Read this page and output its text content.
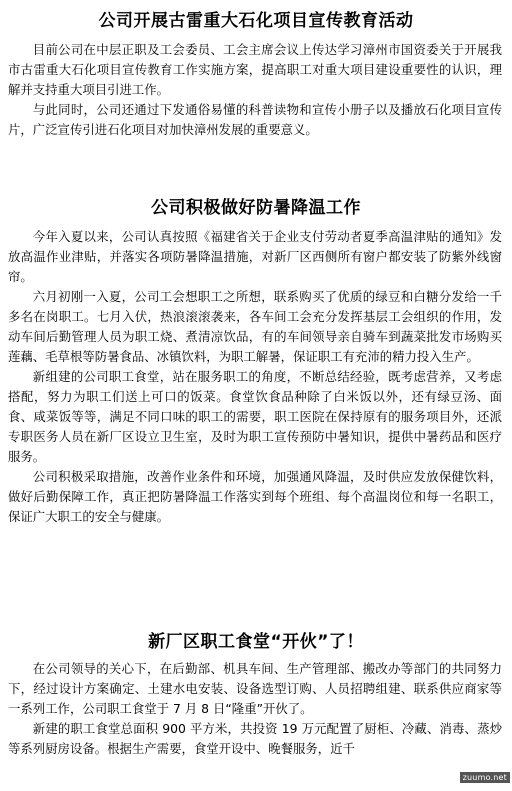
公司开展古雷重大石化项目宣传教育活动

目前公司在中层正职及工会委员、工会主席会议上传达学习漳州市国资委关于开展我市古雷重大石化项目宣传教育工作实施方案，提高职工对重大项目建设重要性的认识，理解并支持重大项目引进工作。

与此同时，公司还通过下发通俗易懂的科普读物和宣传小册子以及播放石化项目宣传片，广泛宣传引进石化项目对加快漳州发展的重要意义。

公司积极做好防暑降温工作

今年入夏以来，公司认真按照《福建省关于企业支付劳动者夏季高温津贴的通知》发放高温作业津贴，并落实各项防暑降温措施，对新厂区西侧所有窗户都安装了防紫外线窗帘。

六月初刚一入夏，公司工会想职工之所想，联系购买了优质的绿豆和白糖分发给一千多名在岗职工。七月入伏，热浪滚滚袭来，各车间工会充分发挥基层工会组织的作用，发动车间后勤管理人员为职工烧、煮清凉饮品，有的车间领导亲自骑车到蔬菜批发市场购买莲藕、毛草根等防暑食品、冰镇饮料，为职工解暑，保证职工有充沛的精力投入生产。

新组建的公司职工食堂，站在服务职工的角度，不断总结经验，既考虑营养，又考虑搭配，努力为职工们送上可口的饭菜。食堂饮食品种除了白米饭以外，还有绿豆汤、面食、咸菜饭等等，满足不同口味的职工的需要，职工医院在保持原有的服务项目外，还派专职医务人员在新厂区设立卫生室，及时为职工宣传预防中暑知识，提供中暑药品和医疗服务。

公司积极采取措施，改善作业条件和环境，加强通风降温，及时供应发放保健饮料，做好后勤保障工作，真正把防暑降温工作落实到每个班组、每个高温岗位和每一名职工，保证广大职工的安全与健康。

新厂区职工食堂“开伙”了！

在公司领导的关心下，在后勤部、机具车间、生产管理部、搬改办等部门的共同努力下，经过设计方案确定、土建水电安装、设备选型订购、人员招聘组建、联系供应商家等一系列工作，公司职工食堂于 7 月 8 日“隆重”开伙了。

新建的职工食堂总面积 900 平方米，共投资 19 万元配置了厨柜、冷藏、消毒、蒸炒等系列厨房设备。根据生产需要，食堂开设中、晚餐服务，近千

zuumo.net
